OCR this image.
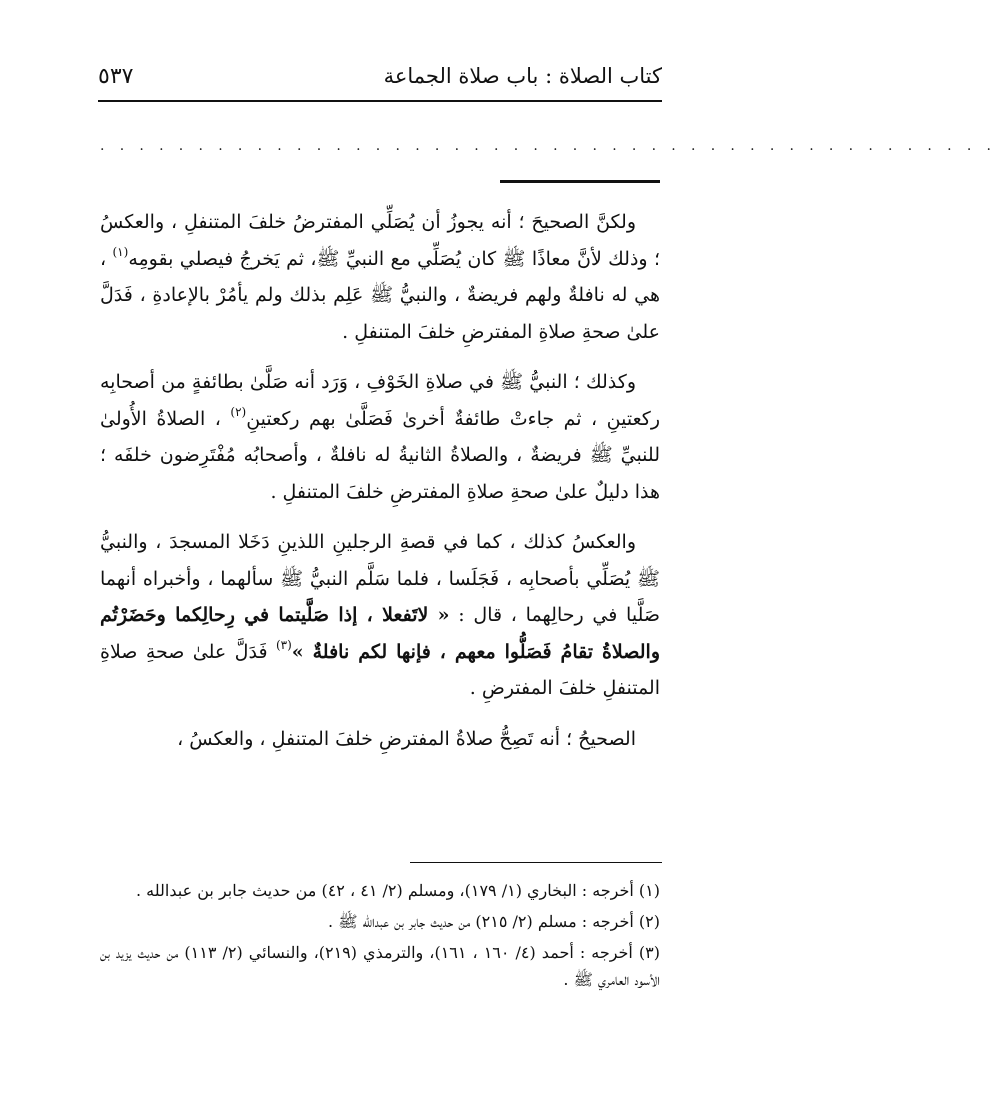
كتاب الصلاة : باب صلاة الجماعة
٥٣٧
. . . . . . . . . . . . . . . . . . . . . . . . . . . . . . . . . . . . . . . . . . . . . .

ولكنَّ الصحيحَ ؛ أنه يجوزُ أن يُصَلِّي المفترضُ خلفَ المتنفلِ ، والعكسُ ؛ وذلك لأنَّ معاذًا ﷺ كان يُصَلِّي مع النبيِّ ﷺ، ثم يَخرجُ فيصلي بقومِه$^{(١)}$ ، هي له نافلةٌ ولهم فريضةٌ ، والنبيُّ ﷺ عَلِم بذلك ولم يأمُرْ بالإعادةِ ، فَدَلَّ علىٰ صحةِ صلاةِ المفترضِ خلفَ المتنفلِ .

وكذلك ؛ النبيُّ ﷺ في صلاةِ الخَوْفِ ، وَرَد أنه صَلَّىٰ بطائفةٍ من أصحابِه ركعتينِ ، ثم جاءتْ طائفةٌ أخرىٰ فَصَلَّىٰ بهم ركعتينِ$^{(٢)}$ ، الصلاةُ الأُولىٰ للنبيِّ ﷺ فريضةٌ ، والصلاةُ الثانيةُ له نافلةٌ ، وأصحابُه مُفْتَرِضون خلفَه ؛ هذا دليلٌ علىٰ صحةِ صلاةِ المفترضِ خلفَ المتنفلِ .

والعكسُ كذلك ، كما في قصةِ الرجلينِ اللذينِ دَخَلا المسجدَ ، والنبيُّ ﷺ يُصَلِّي بأصحابِه ، فَجَلَسا ، فلما سَلَّم النبيُّ ﷺ سألهما ، وأخبراه أنهما صَلَّيا في رحالِهما ، قال : « لاتَفعلا ، إذا صَلَّيتما في رِحالِكما وحَضَرْتُم والصلاةُ تقامُ فَصَلُّوا معهم ، فإنها لكم نافلةٌ »$^{(٣)}$ فَدَلَّ علىٰ صحةِ صلاةِ المتنفلِ خلفَ المفترضِ .

الصحيحُ ؛ أنه تَصِحُّ صلاةُ المفترضِ خلفَ المتنفلِ ، والعكسُ ،

(١) أخرجه : البخاري (١/ ١٧٩)، ومسلم (٢/ ٤١ ، ٤٢) من حديث جابر بن عبدالله .
(٢) أخرجه : مسلم (٢/ ٢١٥) من حديث جابر بن عبدالله ﷺ .
(٣) أخرجه : أحمد (٤/ ١٦٠ ، ١٦١)، والترمذي (٢١٩)، والنسائي (٢/ ١١٣) من حديث يزيد بن الأسود العامري ﷺ .
